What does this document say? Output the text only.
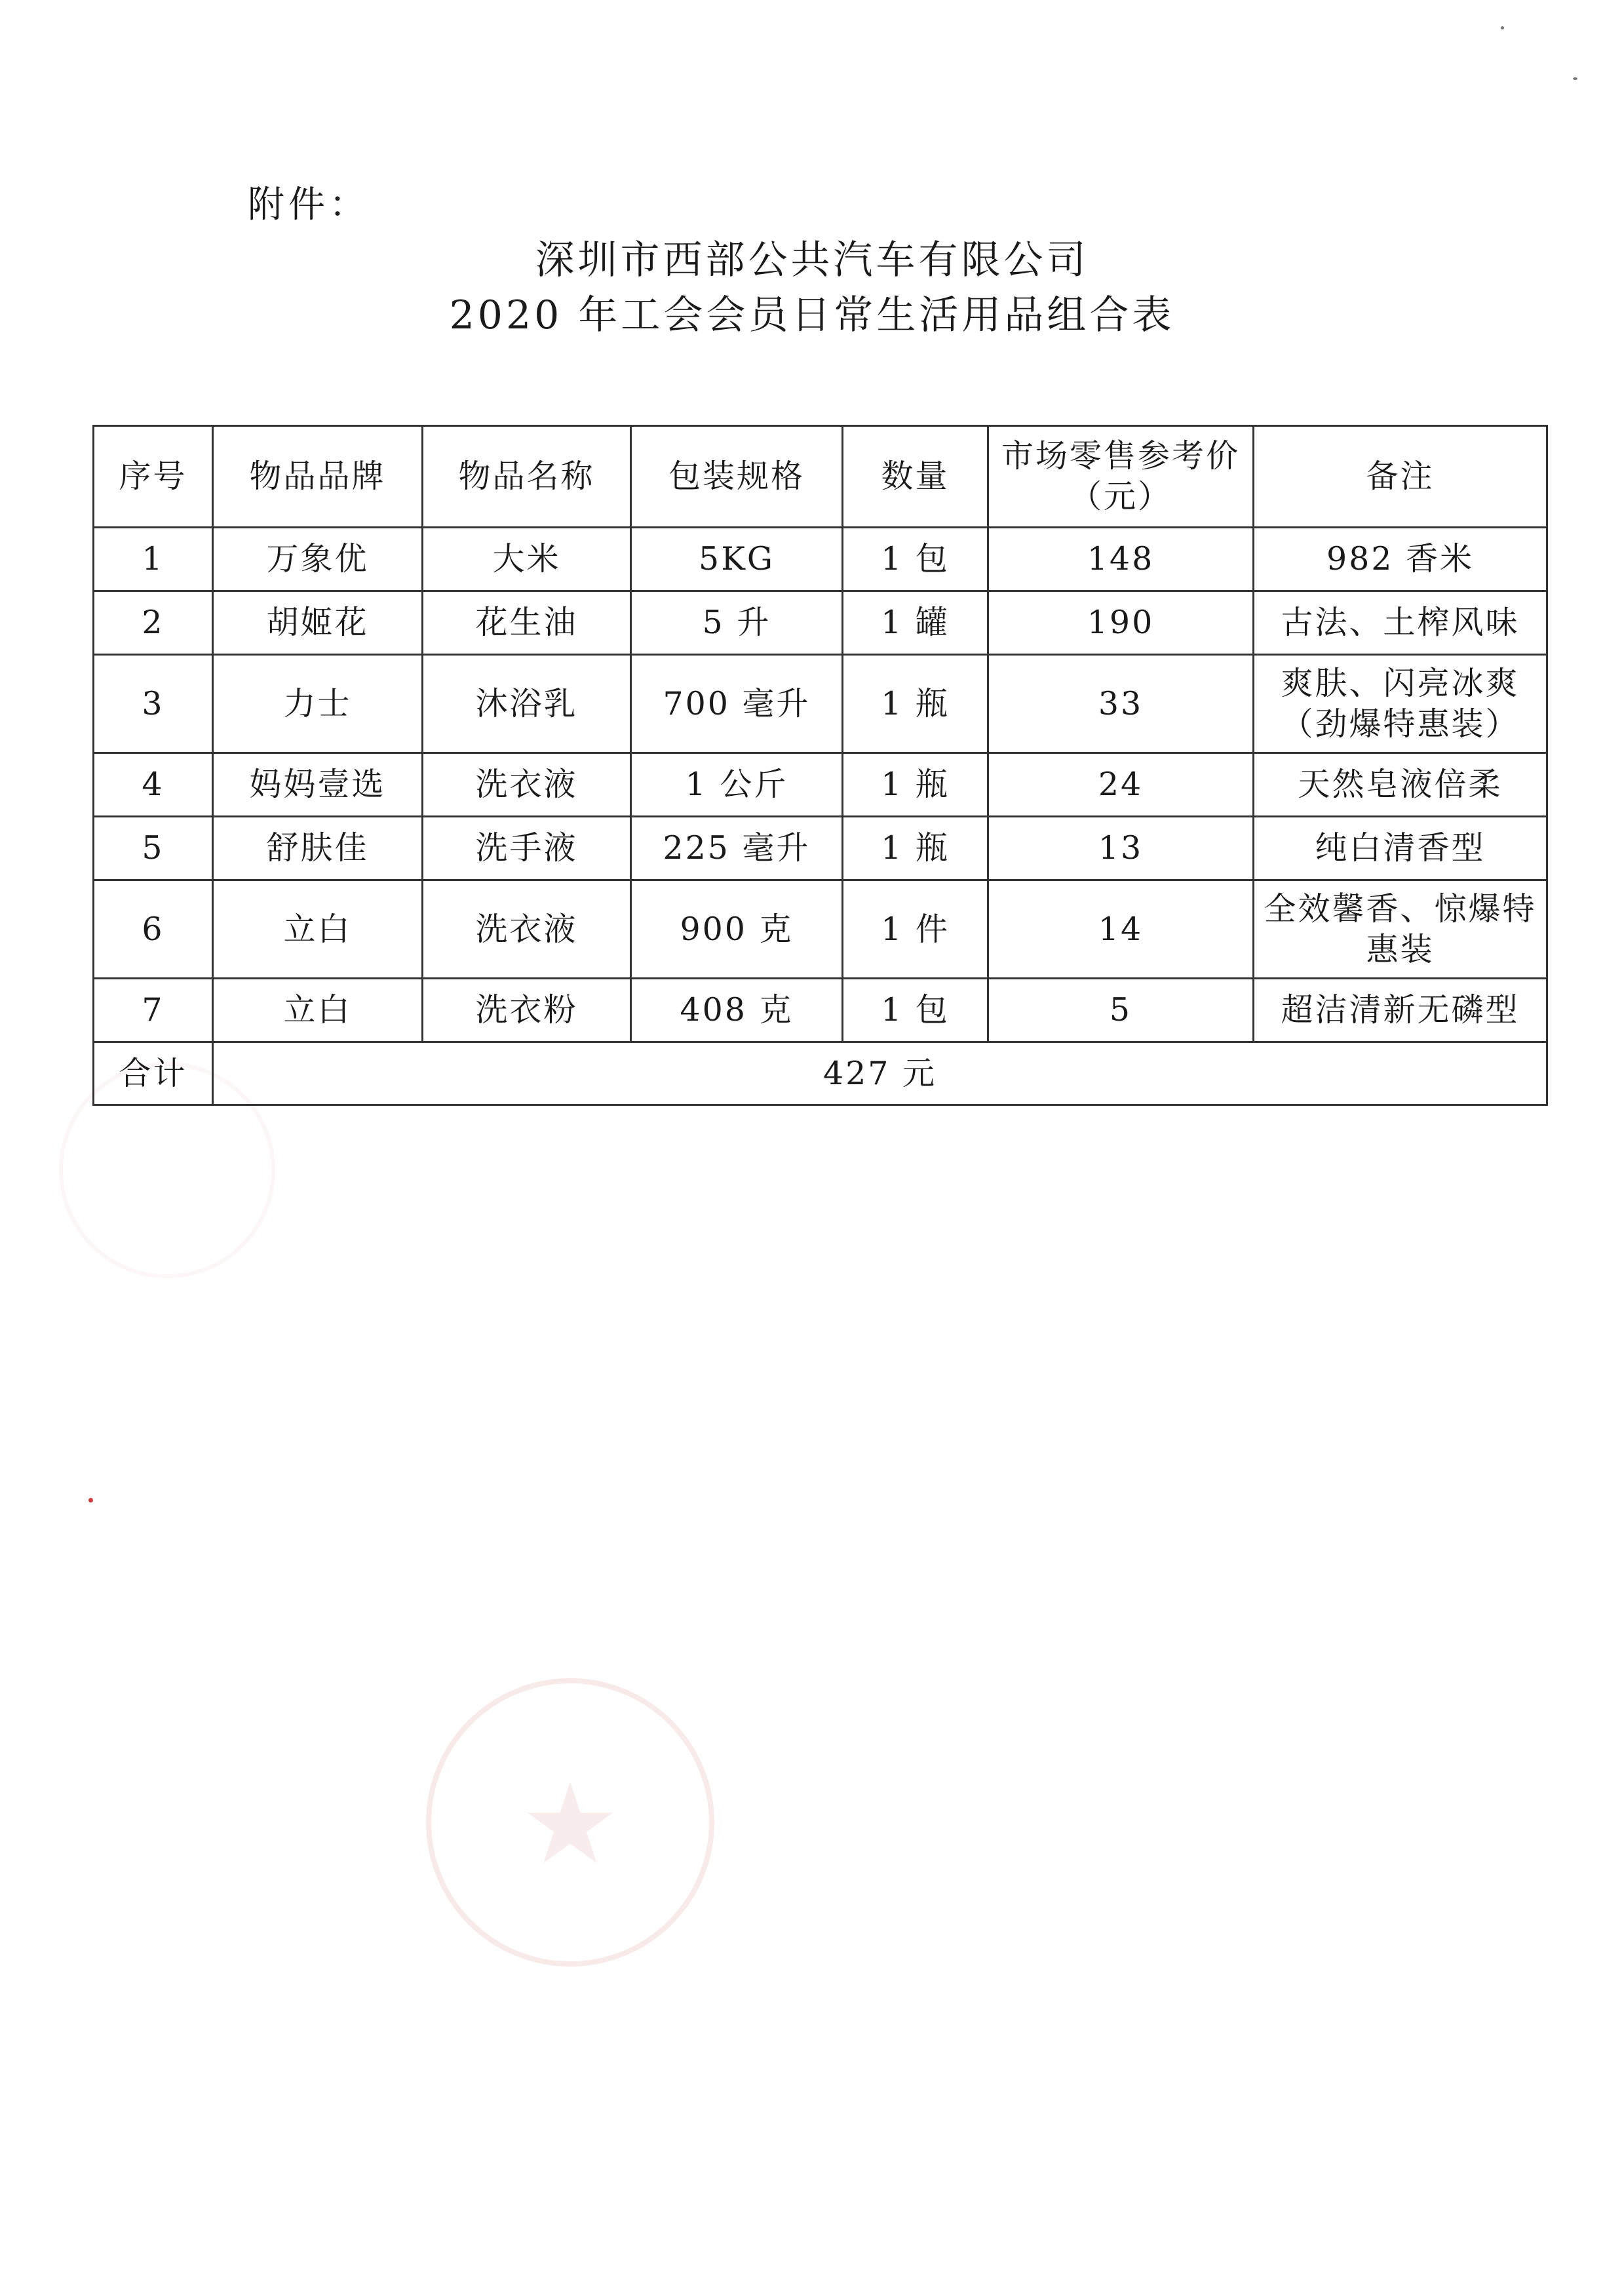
附件：
深圳市西部公共汽车有限公司
2020 年工会会员日常生活用品组合表
序号	物品品牌	物品名称	包装规格	数量	市场零售参考价（元）	备注
1	万象优	大米	5KG	1 包	148	982 香米
2	胡姬花	花生油	5 升	1 罐	190	古法、土榨风味
3	力士	沐浴乳	700 毫升	1 瓶	33	爽肤、闪亮冰爽（劲爆特惠装）
4	妈妈壹选	洗衣液	1 公斤	1 瓶	24	天然皂液倍柔
5	舒肤佳	洗手液	225 毫升	1 瓶	13	纯白清香型
6	立白	洗衣液	900 克	1 件	14	全效馨香、惊爆特惠装
7	立白	洗衣粉	408 克	1 包	5	超洁清新无磷型
合计	427 元					
★
